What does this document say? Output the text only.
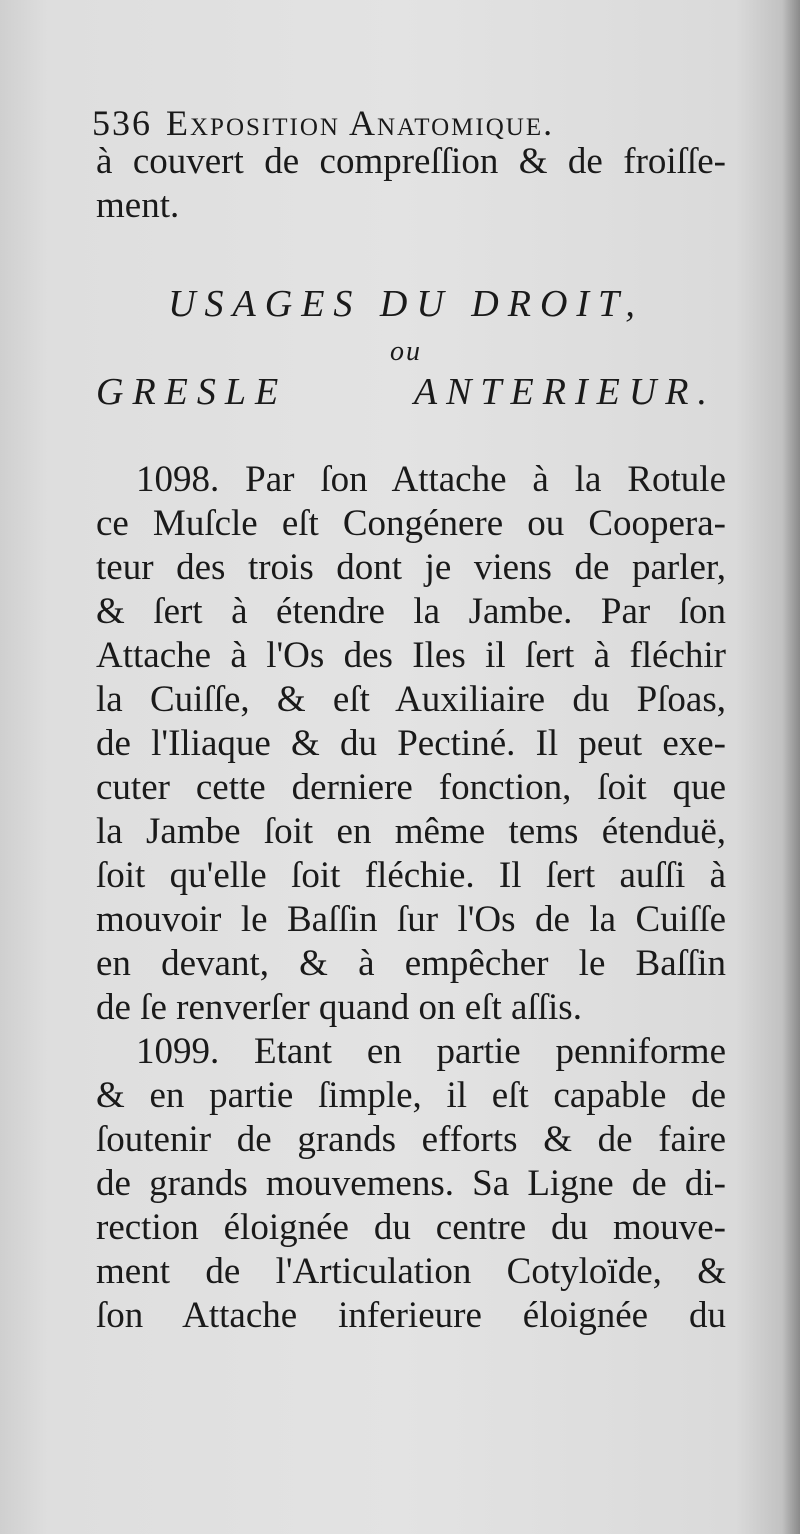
536 Exposition Anatomique.
à couvert de compreſſion & de froiſſe-
ment.
USAGES DU DROIT,
ou
GRESLE ANTERIEUR.
1098. Par ſon Attache à la Rotule
ce Muſcle eſt Congénere ou Coopera-
teur des trois dont je viens de parler,
& ſert à étendre la Jambe. Par ſon
Attache à l'Os des Iles il ſert à fléchir
la Cuiſſe, & eſt Auxiliaire du Pſoas,
de l'Iliaque & du Pectiné. Il peut exe-
cuter cette derniere fonction, ſoit que
la Jambe ſoit en même tems étenduë,
ſoit qu'elle ſoit fléchie. Il ſert auſſi à
mouvoir le Baſſin ſur l'Os de la Cuiſſe
en devant, & à empêcher le Baſſin
de ſe renverſer quand on eſt aſſis.
1099. Etant en partie penniforme
& en partie ſimple, il eſt capable de
ſoutenir de grands efforts & de faire
de grands mouvemens. Sa Ligne de di-
rection éloignée du centre du mouve-
ment de l'Articulation Cotyloïde, &
ſon Attache inferieure éloignée du
